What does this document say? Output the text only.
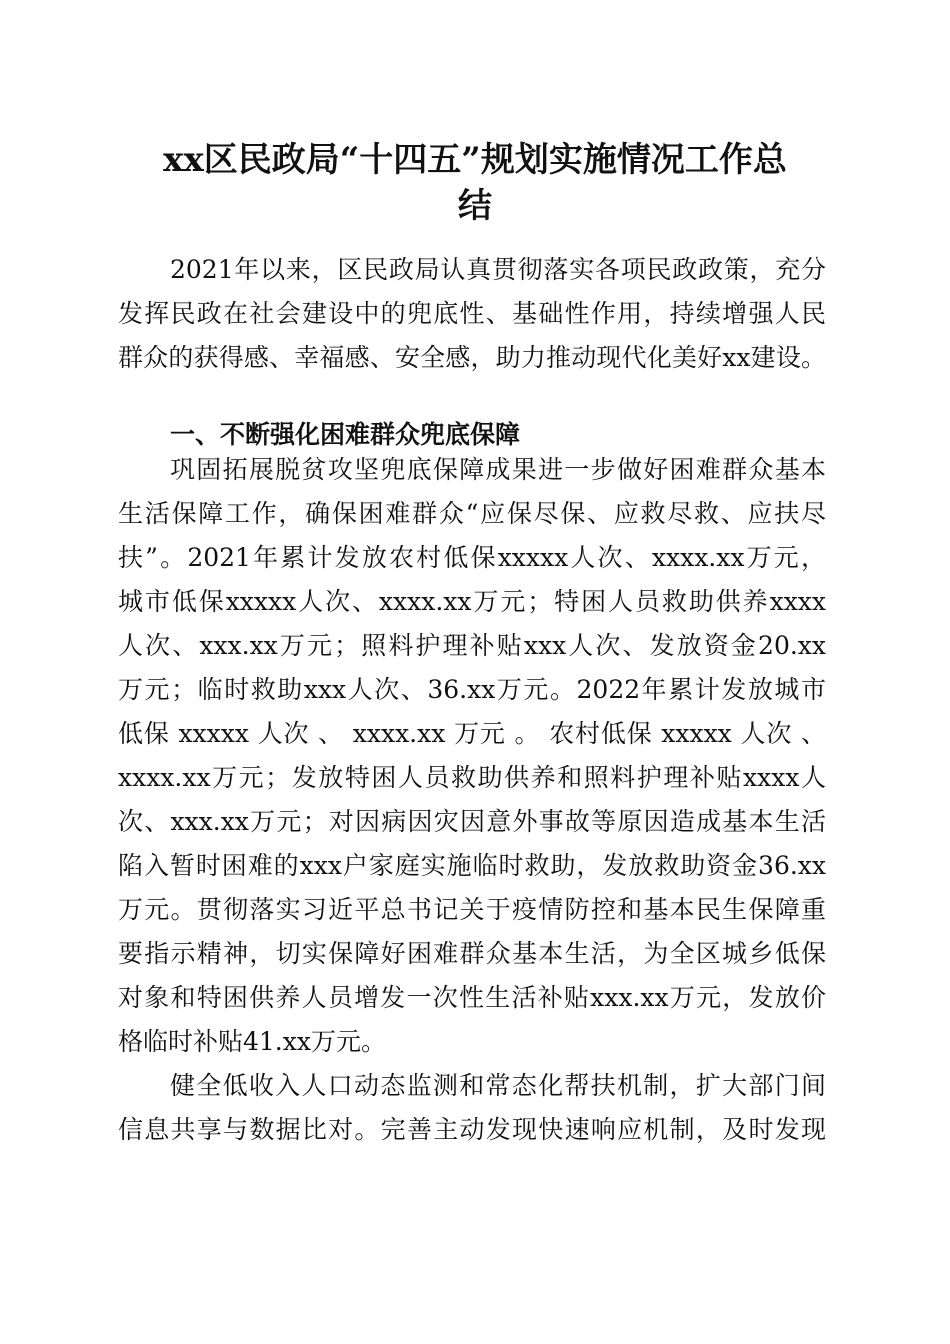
xx区民政局“十四五”规划实施情况工作总
结
2021年以来，区民政局认真贯彻落实各项民政政策，充分
发挥民政在社会建设中的兜底性、基础性作用，持续增强人民
群众的获得感、幸福感、安全感，助力推动现代化美好xx建设。
一、不断强化困难群众兜底保障
巩固拓展脱贫攻坚兜底保障成果进一步做好困难群众基本
生活保障工作，确保困难群众“应保尽保、应救尽救、应扶尽
扶”。2021年累计发放农村低保xxxxx人次、xxxx.xx万元，
城市低保xxxxx人次、xxxx.xx万元；特困人员救助供养xxxx
人次、xxx.xx万元；照料护理补贴xxx人次、发放资金20.xx
万元；临时救助xxx人次、36.xx万元。2022年累计发放城市
低保 xxxxx 人次 、 xxxx.xx 万元 。 农村低保 xxxxx 人次 、
xxxx.xx万元；发放特困人员救助供养和照料护理补贴xxxx人
次、xxx.xx万元；对因病因灾因意外事故等原因造成基本生活
陷入暂时困难的xxx户家庭实施临时救助，发放救助资金36.xx
万元。贯彻落实习近平总书记关于疫情防控和基本民生保障重
要指示精神，切实保障好困难群众基本生活，为全区城乡低保
对象和特困供养人员增发一次性生活补贴xxx.xx万元，发放价
格临时补贴41.xx万元。
健全低收入人口动态监测和常态化帮扶机制，扩大部门间
信息共享与数据比对。完善主动发现快速响应机制，及时发现
